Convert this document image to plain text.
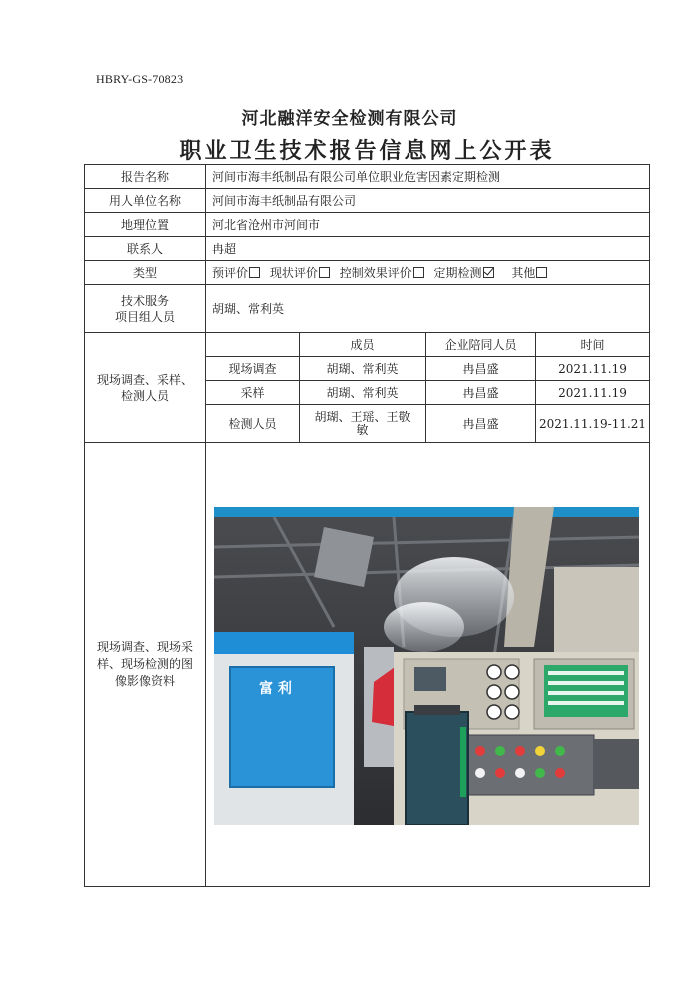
HBRY-GS-70823
河北融洋安全检测有限公司
职业卫生技术报告信息网上公开表
报告名称	河间市海丰纸制品有限公司单位职业危害因素定期检测			
用人单位名称	河间市海丰纸制品有限公司			
地理位置	河北省沧州市河间市			
联系人	冉超			
类型	预评价 现状评价 控制效果评价 定期检测 其他			

技术服务
项目组人员	胡瑚、常利英			

现场调查、采样、
检测人员		成员	企业陪同人员	时间
	现场调查	胡瑚、常利英	冉昌盛	2021.11.19
	采样	胡瑚、常利英	冉昌盛	2021.11.19
	检测人员	胡瑚、王瑶、王敬敏	冉昌盛	2021.11.19-11.21

现场调查、现场采
样、现场检测的图
像影像资料	富 利			
